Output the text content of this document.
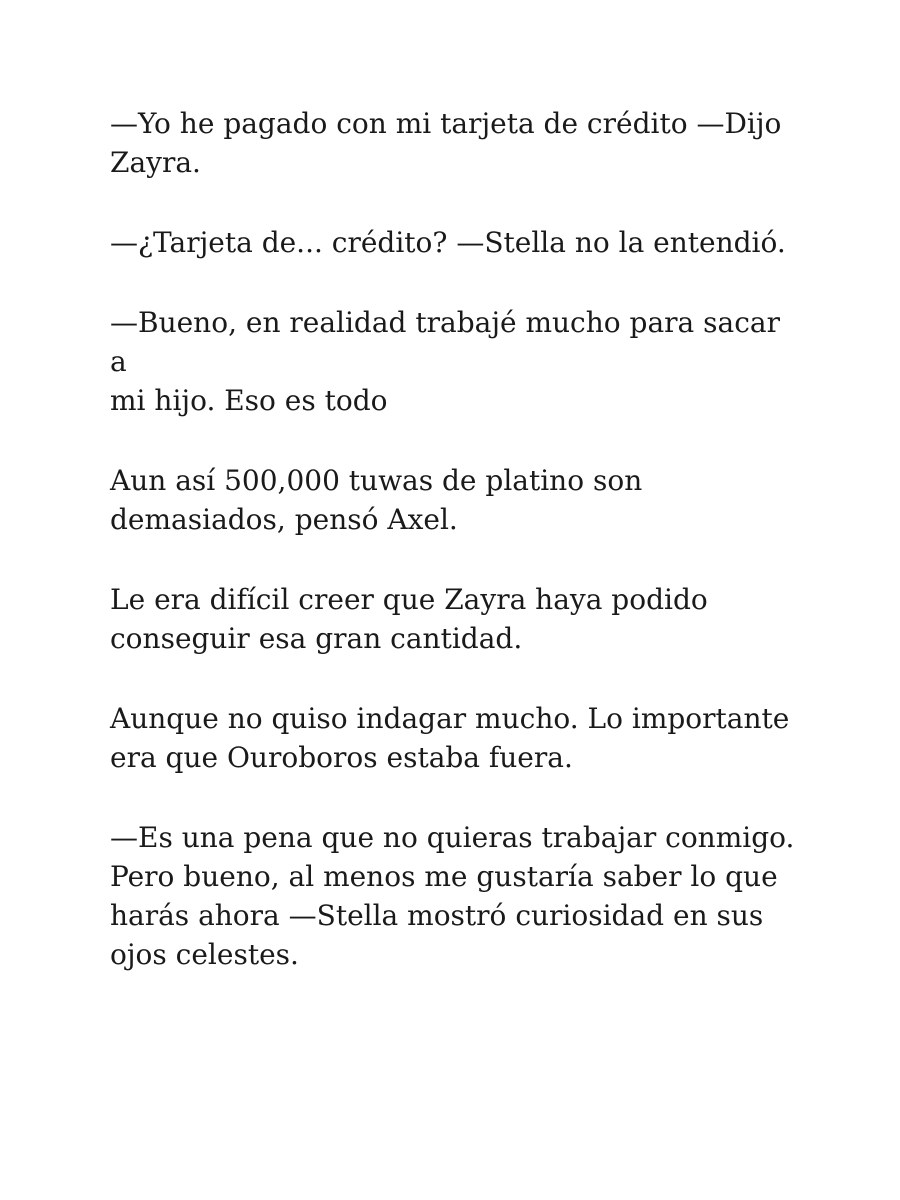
—Yo he pagado con mi tarjeta de crédito —Dijo
Zayra.

—¿Tarjeta de... crédito? —Stella no la entendió.

—Bueno, en realidad trabajé mucho para sacar a
mi hijo. Eso es todo

Aun así 500,000 tuwas de platino son
demasiados, pensó Axel.

Le era difícil creer que Zayra haya podido
conseguir esa gran cantidad.

Aunque no quiso indagar mucho. Lo importante
era que Ouroboros estaba fuera.

—Es una pena que no quieras trabajar conmigo.
Pero bueno, al menos me gustaría saber lo que
harás ahora —Stella mostró curiosidad en sus
ojos celestes.
